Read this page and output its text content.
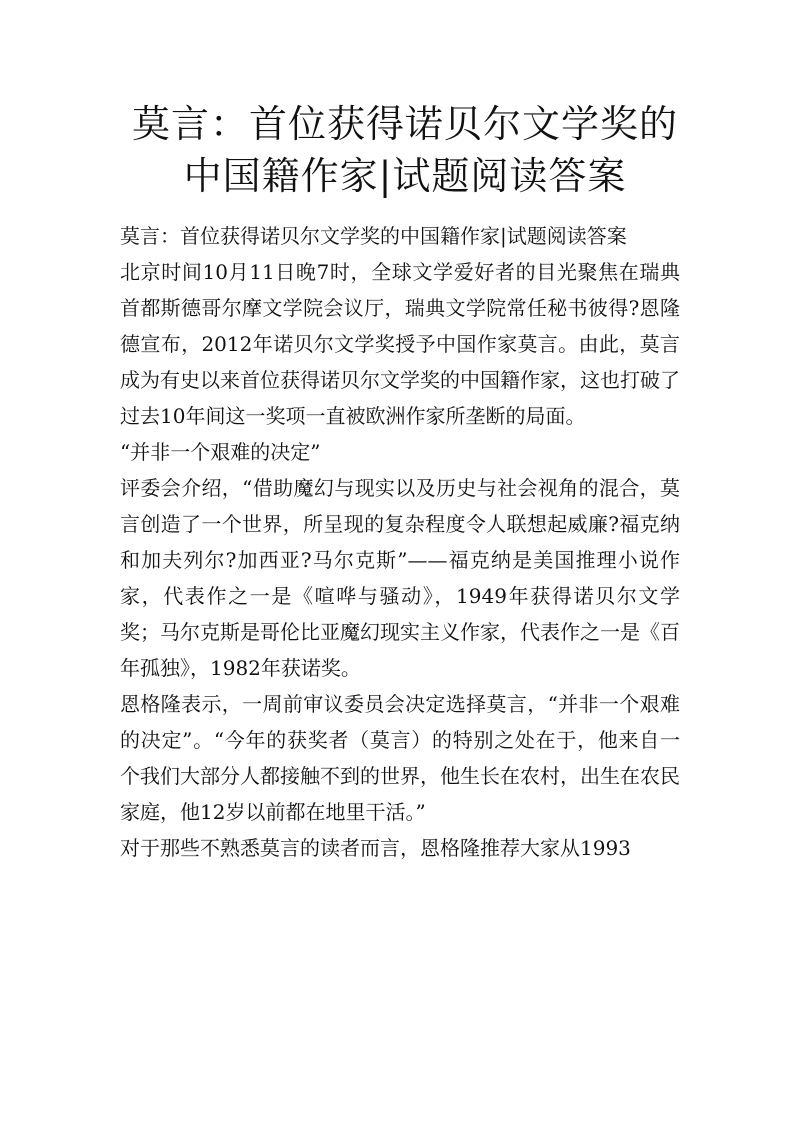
莫言：首位获得诺贝尔文学奖的中国籍作家|试题阅读答案

莫言：首位获得诺贝尔文学奖的中国籍作家|试题阅读答案

北京时间10月11日晚7时，全球文学爱好者的目光聚焦在瑞典首都斯德哥尔摩文学院会议厅，瑞典文学院常任秘书彼得?恩隆德宣布，2012年诺贝尔文学奖授予中国作家莫言。由此，莫言成为有史以来首位获得诺贝尔文学奖的中国籍作家，这也打破了过去10年间这一奖项一直被欧洲作家所垄断的局面。

“并非一个艰难的决定”

评委会介绍，“借助魔幻与现实以及历史与社会视角的混合，莫言创造了一个世界，所呈现的复杂程度令人联想起威廉?福克纳和加夫列尔?加西亚?马尔克斯”——福克纳是美国推理小说作家，代表作之一是《喧哗与骚动》，1949年获得诺贝尔文学奖；马尔克斯是哥伦比亚魔幻现实主义作家，代表作之一是《百年孤独》，1982年获诺奖。

恩格隆表示，一周前审议委员会决定选择莫言，“并非一个艰难的决定”。“今年的获奖者（莫言）的特别之处在于，他来自一个我们大部分人都接触不到的世界，他生长在农村，出生在农民家庭，他12岁以前都在地里干活。”

对于那些不熟悉莫言的读者而言，恩格隆推荐大家从1993
